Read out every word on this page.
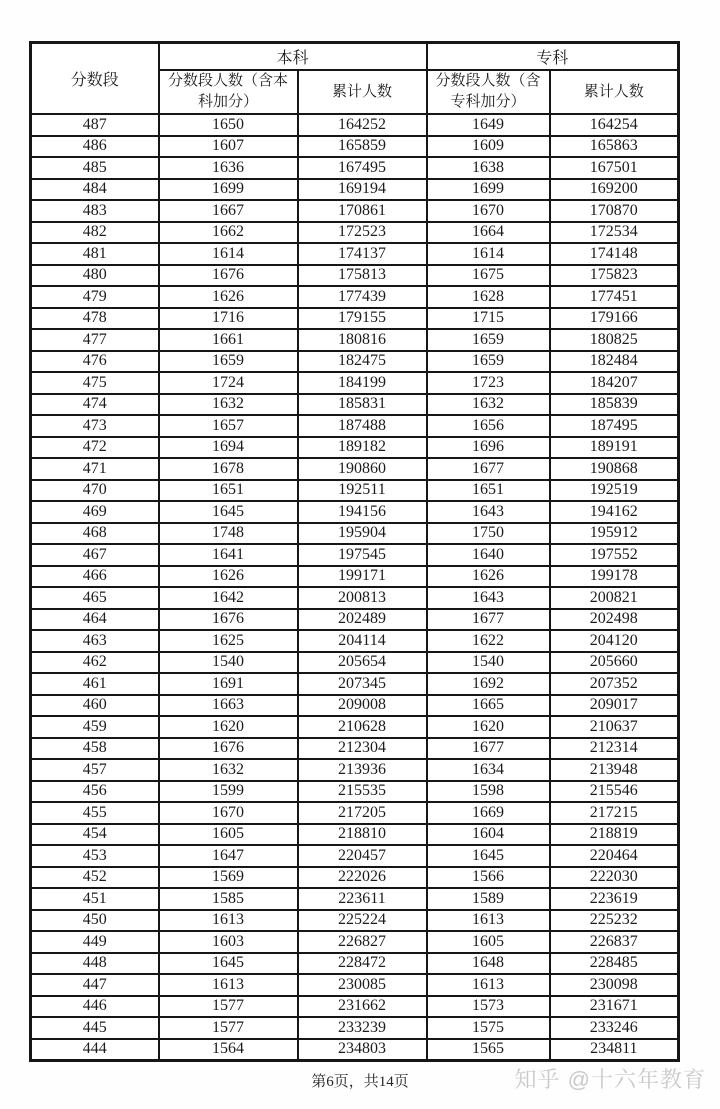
分数段	本科		专科	
	分数段人数（含本科加分）	累计人数	分数段人数（含专科加分）	累计人数
487	1650	164252	1649	164254
486	1607	165859	1609	165863
485	1636	167495	1638	167501
484	1699	169194	1699	169200
483	1667	170861	1670	170870
482	1662	172523	1664	172534
481	1614	174137	1614	174148
480	1676	175813	1675	175823
479	1626	177439	1628	177451
478	1716	179155	1715	179166
477	1661	180816	1659	180825
476	1659	182475	1659	182484
475	1724	184199	1723	184207
474	1632	185831	1632	185839
473	1657	187488	1656	187495
472	1694	189182	1696	189191
471	1678	190860	1677	190868
470	1651	192511	1651	192519
469	1645	194156	1643	194162
468	1748	195904	1750	195912
467	1641	197545	1640	197552
466	1626	199171	1626	199178
465	1642	200813	1643	200821
464	1676	202489	1677	202498
463	1625	204114	1622	204120
462	1540	205654	1540	205660
461	1691	207345	1692	207352
460	1663	209008	1665	209017
459	1620	210628	1620	210637
458	1676	212304	1677	212314
457	1632	213936	1634	213948
456	1599	215535	1598	215546
455	1670	217205	1669	217215
454	1605	218810	1604	218819
453	1647	220457	1645	220464
452	1569	222026	1566	222030
451	1585	223611	1589	223619
450	1613	225224	1613	225232
449	1603	226827	1605	226837
448	1645	228472	1648	228485
447	1613	230085	1613	230098
446	1577	231662	1573	231671
445	1577	233239	1575	233246
444	1564	234803	1565	234811
第6页，共14页	知乎 @十六年教育
